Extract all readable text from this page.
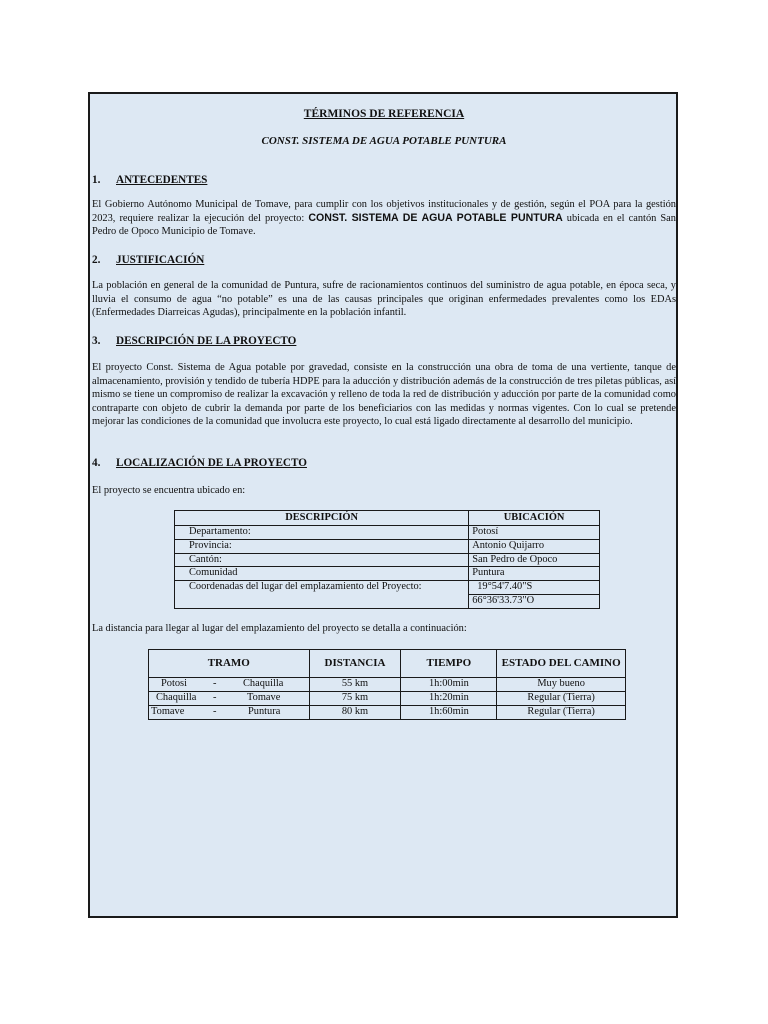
TÉRMINOS DE REFERENCIA
CONST. SISTEMA DE AGUA POTABLE PUNTURA
1. ANTECEDENTES
El Gobierno Autónomo Municipal de Tomave, para cumplir con los objetivos institucionales y de gestión, según el POA para la gestión 2023, requiere realizar la ejecución del proyecto: CONST. SISTEMA DE AGUA POTABLE PUNTURA ubicada en el cantón San Pedro de Opoco Municipio de Tomave.
2. JUSTIFICACIÓN
La población en general de la comunidad de Puntura, sufre de racionamientos continuos del suministro de agua potable, en época seca, y lluvia el consumo de agua “no potable” es una de las causas principales que originan enfermedades prevalentes como los EDAs (Enfermedades Diarreicas Agudas), principalmente en la población infantil.
3. DESCRIPCIÓN DE LA PROYECTO
El proyecto Const. Sistema de Agua potable por gravedad, consiste en la construcción una obra de toma de una vertiente, tanque de almacenamiento, provisión y tendido de tubería HDPE para la aducción y distribución además de la construcción de tres piletas públicas, así mismo se tiene un compromiso de realizar la excavación y relleno de toda la red de distribución y aducción por parte de la comunidad como contraparte con objeto de cubrir la demanda por parte de los beneficiarios con las medidas y normas vigentes. Con lo cual se pretende mejorar las condiciones de la comunidad que involucra este proyecto, lo cual está ligado directamente al desarrollo del municipio.
4. LOCALIZACIÓN DE LA PROYECTO
El proyecto se encuentra ubicado en:
DESCRIPCIÓN	UBICACIÓN
Departamento:	Potosí
Provincia:	Antonio Quijarro
Cantón:	San Pedro de Opoco
Comunidad	Puntura
Coordenadas del lugar del emplazamiento del Proyecto:	19°54'7.40"S
	66°36'33.73"O
La distancia para llegar al lugar del emplazamiento del proyecto se detalla a continuación:
TRAMO	DISTANCIA	TIEMPO	ESTADO DEL CAMINO

Potosi - Chaquilla	55 km	1h:00min	Muy bueno

Chaquilla - Tomave	75 km	1h:20min	Regular (Tierra)

Tomave - Puntura	80 km	1h:60min	Regular (Tierra)
